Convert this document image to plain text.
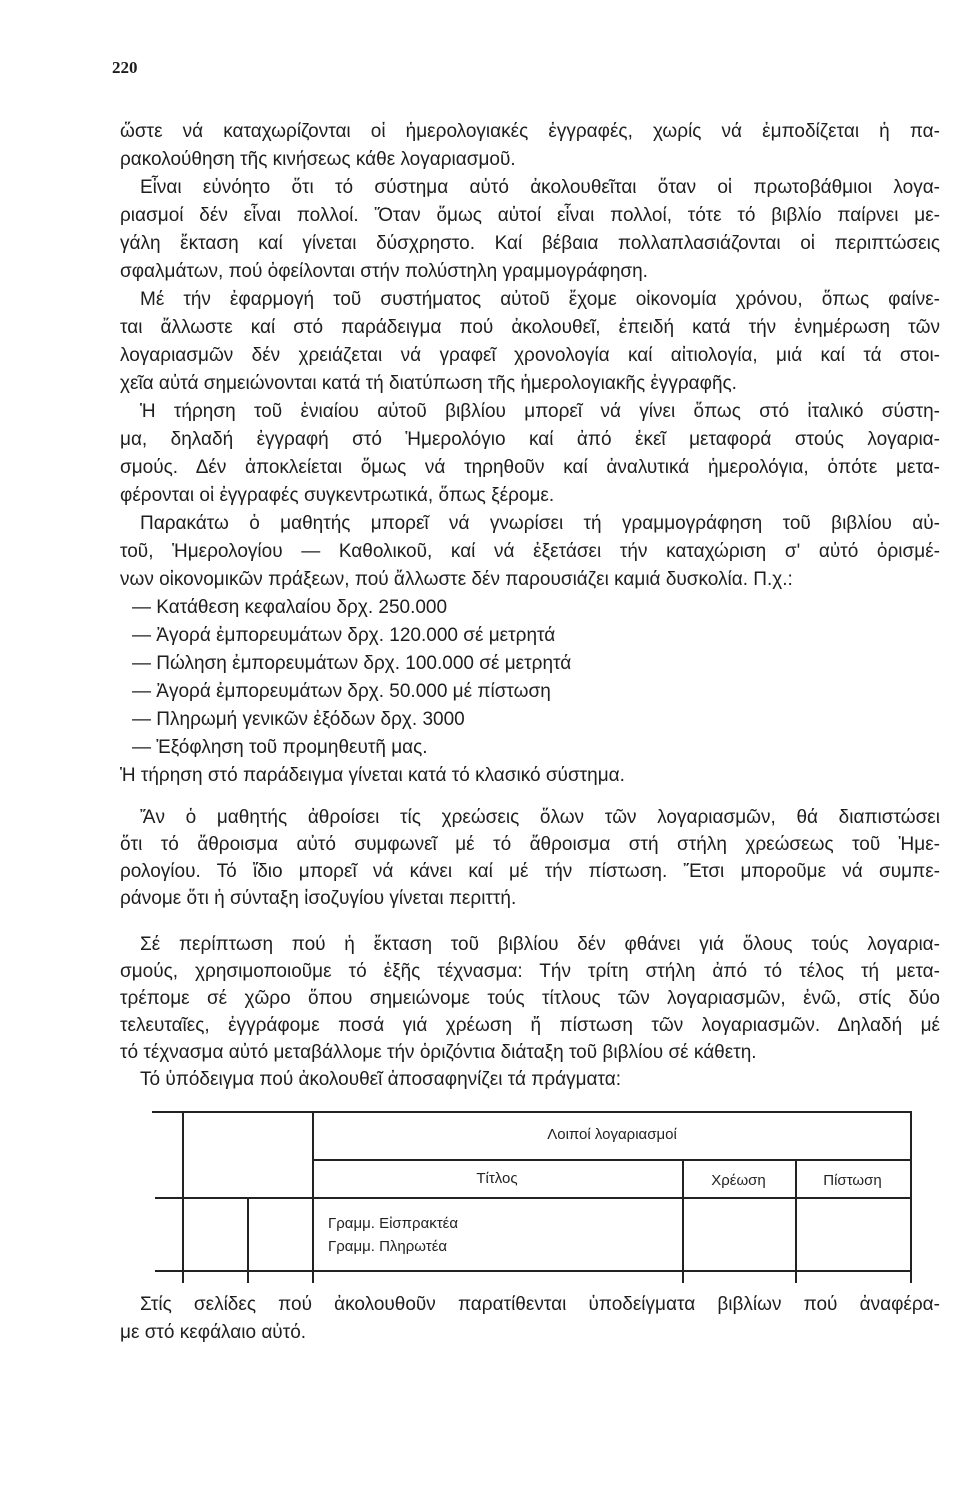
220
ὥστε νά καταχωρίζονται οἱ ἡμερολογιακές ἐγγραφές, χωρίς νά ἐμποδίζεται ἡ πα-
ρακολούθηση τῆς κινήσεως κάθε λογαριασμοῦ.
Εἶναι εὐνόητο ὅτι τό σύστημα αὐτό ἀκολουθεῖται ὅταν οἱ πρωτοβάθμιοι λογα-
ριασμοί δέν εἶναι πολλοί. Ὅταν ὅμως αὐτοί εἶναι πολλοί, τότε τό βιβλίο παίρνει με-
γάλη ἔκταση καί γίνεται δύσχρηστο. Καί βέβαια πολλαπλασιάζονται οἱ περιπτώσεις
σφαλμάτων, πού ὀφείλονται στήν πολύστηλη γραμμογράφηση.
Μέ τήν ἐφαρμογή τοῦ συστήματος αὐτοῦ ἔχομε οἰκονομία χρόνου, ὅπως φαίνε-
ται ἄλλωστε καί στό παράδειγμα πού ἀκολουθεῖ, ἐπειδή κατά τήν ἐνημέρωση τῶν
λογαριασμῶν δέν χρειάζεται νά γραφεῖ χρονολογία καί αἰτιολογία, μιά καί τά στοι-
χεῖα αὐτά σημειώνονται κατά τή διατύπωση τῆς ἡμερολογιακῆς ἐγγραφῆς.
Ἡ τήρηση τοῦ ἑνιαίου αὐτοῦ βιβλίου μπορεῖ νά γίνει ὅπως στό ἰταλικό σύστη-
μα, δηλαδή ἐγγραφή στό Ἡμερολόγιο καί ἀπό ἐκεῖ μεταφορά στούς λογαρια-
σμούς. Δέν ἀποκλείεται ὅμως νά τηρηθοῦν καί ἀναλυτικά ἡμερολόγια, ὁπότε μετα-
φέρονται οἱ ἐγγραφές συγκεντρωτικά, ὅπως ξέρομε.
Παρακάτω ὁ μαθητής μπορεῖ νά γνωρίσει τή γραμμογράφηση τοῦ βιβλίου αὐ-
τοῦ, Ἡμερολογίου — Καθολικοῦ, καί νά ἐξετάσει τήν καταχώριση σ' αὐτό ὁρισμέ-
νων οἰκονομικῶν πράξεων, πού ἄλλωστε δέν παρουσιάζει καμιά δυσκολία. Π.χ.:
— Κατάθεση κεφαλαίου δρχ. 250.000
— Ἀγορά ἐμπορευμάτων δρχ. 120.000 σέ μετρητά
— Πώληση ἐμπορευμάτων δρχ. 100.000 σέ μετρητά
— Ἀγορά ἐμπορευμάτων δρχ. 50.000 μέ πίστωση
— Πληρωμή γενικῶν ἐξόδων δρχ. 3000
— Ἐξόφληση τοῦ προμηθευτῆ μας.
Ἡ τήρηση στό παράδειγμα γίνεται κατά τό κλασικό σύστημα.
Ἄν ὁ μαθητής ἀθροίσει τίς χρεώσεις ὅλων τῶν λογαριασμῶν, θά διαπιστώσει
ὅτι τό ἄθροισμα αὐτό συμφωνεῖ μέ τό ἄθροισμα στή στήλη χρεώσεως τοῦ Ἡμε-
ρολογίου. Τό ἴδιο μπορεῖ νά κάνει καί μέ τήν πίστωση. Ἔτσι μποροῦμε νά συμπε-
ράνομε ὅτι ἡ σύνταξη ἰσοζυγίου γίνεται περιττή.
Σέ περίπτωση πού ἡ ἔκταση τοῦ βιβλίου δέν φθάνει γιά ὅλους τούς λογαρια-
σμούς, χρησιμοποιοῦμε τό ἑξῆς τέχνασμα: Τήν τρίτη στήλη ἀπό τό τέλος τή μετα-
τρέπομε σέ χῶρο ὅπου σημειώνομε τούς τίτλους τῶν λογαριασμῶν, ἐνῶ, στίς δύο
τελευταῖες, ἐγγράφομε ποσά γιά χρέωση ἤ πίστωση τῶν λογαριασμῶν. Δηλαδή μέ
τό τέχνασμα αὐτό μεταβάλλομε τήν ὁριζόντια διάταξη τοῦ βιβλίου σέ κάθετη.
Τό ὑπόδειγμα πού ἀκολουθεῖ ἀποσαφηνίζει τά πράγματα:
Λοιποί λογαριασμοί
Τίτλος	Χρέωση	Πίστωση
Γραμμ. Εἰσπρακτέα
Γραμμ. Πληρωτέα
Στίς σελίδες πού ἀκολουθοῦν παρατίθενται ὑποδείγματα βιβλίων πού ἀναφέρα-
με στό κεφάλαιο αὐτό.
